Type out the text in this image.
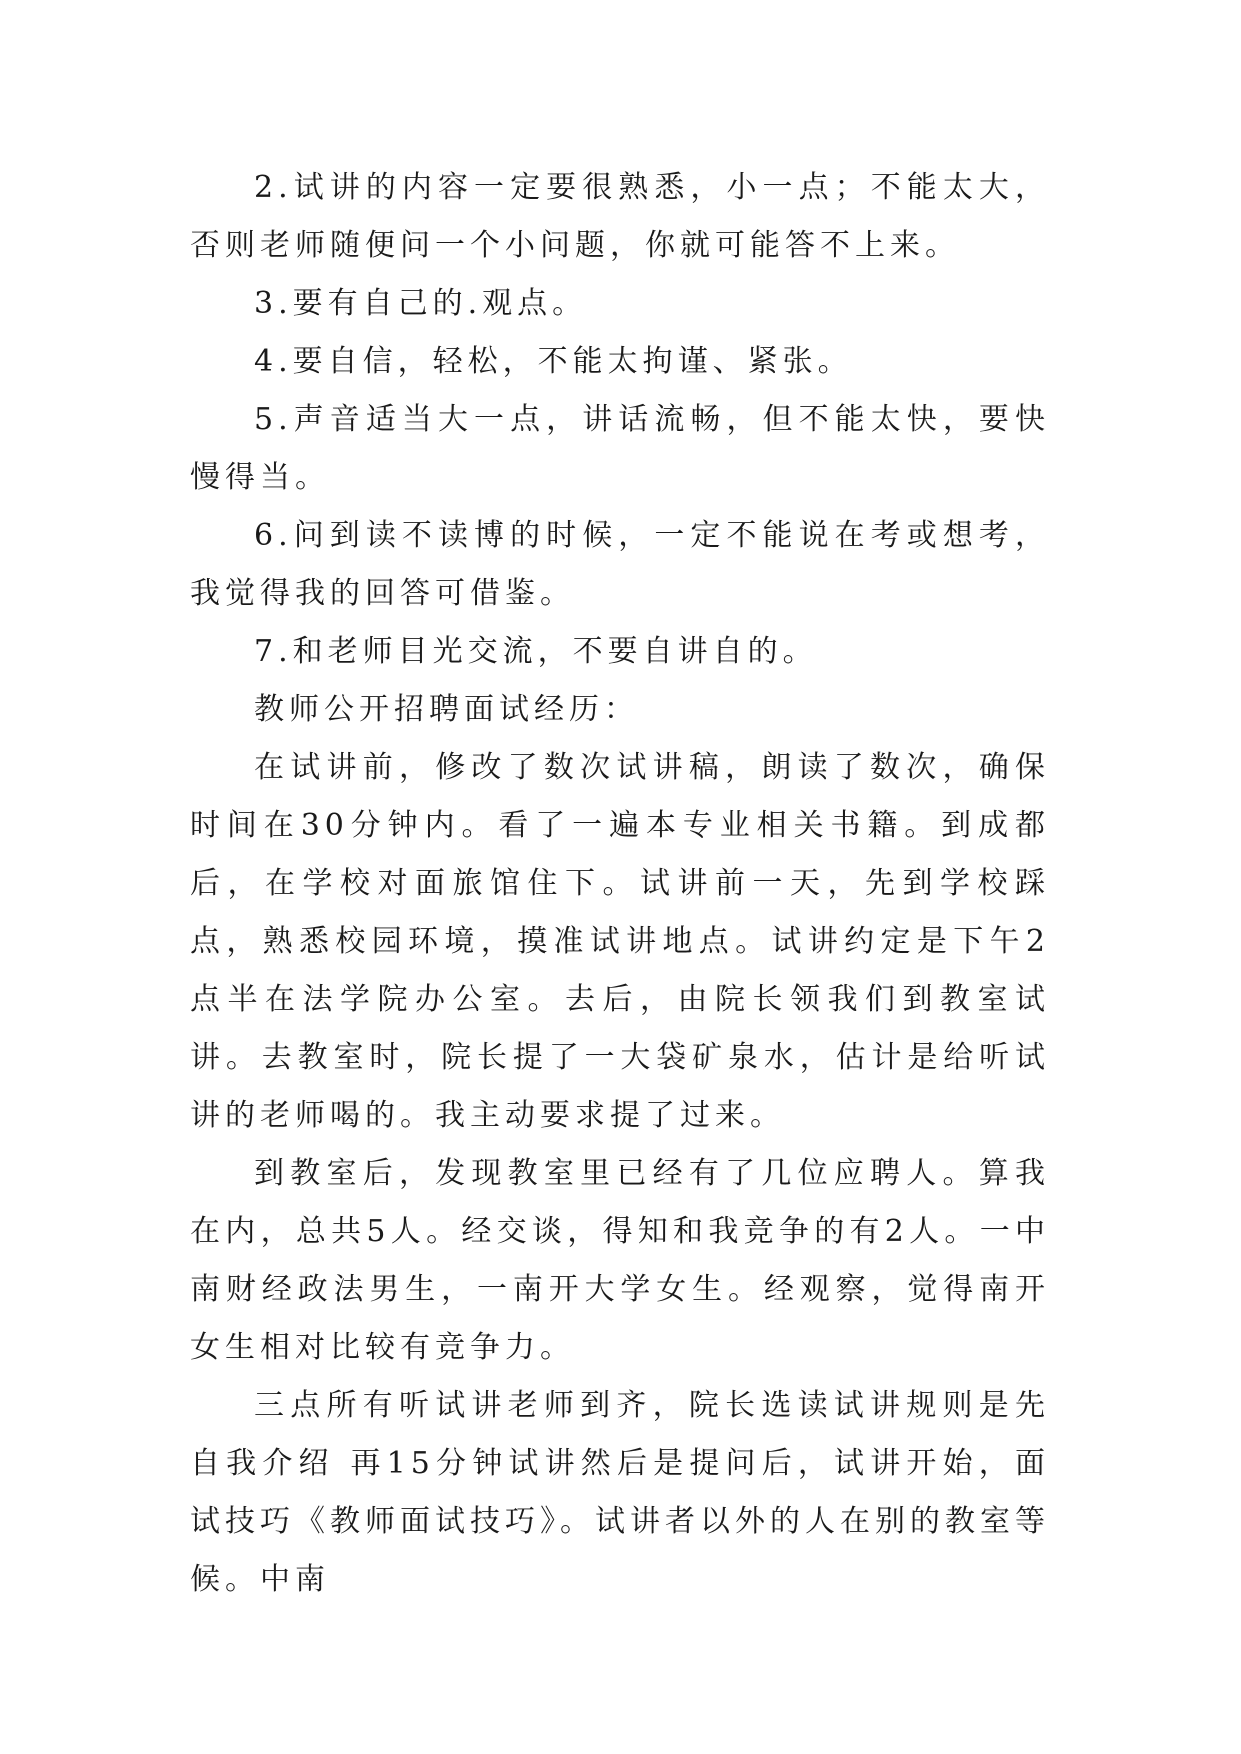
2.试讲的内容一定要很熟悉，小一点；不能太大，否则老师随便问一个小问题，你就可能答不上来。

3.要有自己的.观点。

4.要自信，轻松，不能太拘谨、紧张。

5.声音适当大一点，讲话流畅，但不能太快，要快慢得当。

6.问到读不读博的时候，一定不能说在考或想考，我觉得我的回答可借鉴。

7.和老师目光交流，不要自讲自的。

教师公开招聘面试经历：

在试讲前，修改了数次试讲稿，朗读了数次，确保时间在30分钟内。看了一遍本专业相关书籍。到成都后，在学校对面旅馆住下。试讲前一天，先到学校踩点，熟悉校园环境，摸准试讲地点。试讲约定是下午2点半在法学院办公室。去后，由院长领我们到教室试讲。去教室时，院长提了一大袋矿泉水，估计是给听试讲的老师喝的。我主动要求提了过来。

到教室后，发现教室里已经有了几位应聘人。算我在内，总共5人。经交谈，得知和我竞争的有2人。一中南财经政法男生，一南开大学女生。经观察，觉得南开女生相对比较有竞争力。

三点所有听试讲老师到齐，院长选读试讲规则是先 自我介绍 再15分钟试讲然后是提问后，试讲开始，面试技巧《教师面试技巧》。试讲者以外的人在别的教室等候。中南
